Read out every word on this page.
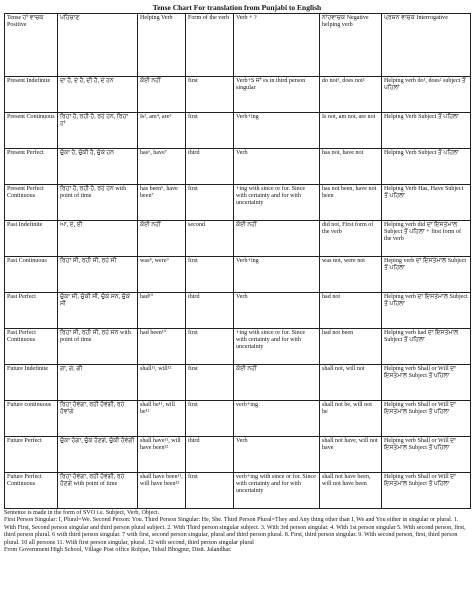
Tense Chart For translation from Punjabi to English
Tense ਹਾਂ ਵਾਚਕ Positive	ਪਹਿਚਾਣ	Helping Verb	Form of the verb	Verb + ?	ਨਾਂਹਵਾਚਕ Negative helping verb	ਪ੍ਰਸ਼ਨ ਵਾਚਕ Interrogative
Present Indefinite	ਦਾ ਹੈ, ਦੇ ਹੈ, ਦੀ ਹੈ, ਦੇ ਹਨ	ਕੋਈ ਨਹੀਂ	first	Verb+S ਜਾਂ es in third person singular	do not¹, does not²	Helping verb do¹, does² subject ਤੋਂ ਪਹਿਲਾਂ
Present Continuous	ਰਿਹਾ ਹੈ, ਰਹੀ ਹੈ, ਰਹੇ ਹਨ, ਰਿਹਾ ਹਾਂ	Is³, am⁴, are⁵	first	Verb+ing	Is not, am not, are not	Helping Verb Subject ਤੋਂ ਪਹਿਲਾ
Present Perfect	ਚੁੱਕਾ ਹੈ, ਚੁੱਕੀ ਹੈ, ਚੁੱਕੇ ਹਨ	has⁶, have⁷	third	Verb	has not, have not	Helping Verb Subject ਤੋਂ ਪਹਿਲਾ
Present Perfect Continuous	ਰਿਹਾ ਹੈ, ਰਹੀ ਹੈ, ਰਹੇ ਹਨ with point of time	has been⁶, have been⁷	first	+ing with since or for. Since with certainty and for with uncertainty	has not been, have not been	Helping Verb Has, Have Subject ਤੋਂ ਪਹਿਲਾ
Past Indefinite	ਆ, ਏ, ਈ	ਕੋਈ ਨਹੀਂ	second	ਕੋਈ ਨਹੀਂ	did not, First form of the verb	Helping verb did ਦਾ ਇਸਤੇਮਾਲ Subject ਤੋਂ ਪਹਿਲਾ + first form of the verb
Past Continuous	ਰਿਹਾ ਸੀ, ਰਹੀ ਸੀ, ਰਹੇ ਸੀ	was⁸, were⁹	first	Verb+ing	was not, were not	Heping verb ਦਾ ਇਸਤੇਮਾਲ Subject ਤੋਂ ਪਹਿਲਾ
Past Perfect	ਚੁੱਕਾ ਸੀ, ਚੁੱਕੀ ਸੀ, ਚੁੱਕੇ ਸਨ, ਚੁੱਕੇ ਸੀ	had¹⁰	third	Verb	had not	Helping verb ਦਾ ਇਸਤੇਮਾਲ Subject ਤੋਂ ਪਹਿਲਾ
Past Perfect Continuous	ਰਿਹਾ ਸੀ, ਰਹੀ ਸੀ, ਰਹੇ ਸਨ with point of time	had been¹⁰	first	+ing with since or for. Since with certainty and for with uncertainty	had not been	Helping verb had ਦਾ ਇਸਤੇਮਾਲ Subject ਤੋਂ ਪਹਿਲਾ
Future Indefinite	ਗਾ, ਗੇ, ਗੀ	shall¹¹, will¹²	first	ਕੋਈ ਨਹੀਂ	shall not, will not	Helping verb Shall or Will ਦਾ ਇਸਤੇਮਾਲ Subject ਤੋਂ ਪਹਿਲਾ
Future continuous	ਰਿਹਾ ਹੋਵੇਗਾ, ਰਹੀ ਹੋਵੇਗੀ, ਰਹੇ ਹੋਵਾਂਗੇ	shall be¹¹, will be¹²	first	verb+ing	shall not be, will not be	Helping verb Shall or Will ਦਾ ਇਸਤੇਮਾਲ Subject ਤੋਂ ਪਹਿਲਾ
Future Perfect	ਚੁੱਕਾ ਹੋਗਾ, ਚੁੱਕੇ ਹੋਣਗੇ, ਚੁੱਕੀ ਹੋਵੇਗੀ	shall have¹¹, will have been¹²	third	Verb	shall not have, will not have	Helping verb Shall or Will ਦਾ ਇਸਤੇਮਾਲ Subject ਤੋਂ ਪਹਿਲਾ
Future Perfect Continuous	ਰਿਹਾ ਹੋਵੇਗਾ, ਰਹੀ ਹੋਵੇਗੀ, ਰਹੇ ਹੋਣਗੇ with point of time	shall have been¹¹, will have been¹²	first	verb+ing with since or for. Since with certainty and for with uncertainty	shall not have been, will not have been	Helping verb Shall or Will ਦਾ ਇਸਤੇਮਾਲ Subject ਤੋਂ ਪਹਿਲਾ
Sentence is made in the form of SVO i.e. Subject, Verb, Object.
First Person Singular: I, Plural=We. Second Person: You. Third Person Singular: He, She. Third Person Plural=They and Any thing other than I, We and You either in singular or plural. 1. With First, Second person singular and third person plural subject. 2. With Third person singular subject. 3. With 3rd person singular. 4. With 1st person singular 5. With second person, first, third person plural. 6 with third person singular. 7 with first, second person singular, plural and third person plural. 8. First, third person singular. 9. With second person, first, third person plural. 10 all persons 11. With first person singular, plural. 12 with second, third person singular plural
From Government High School, Village Post office Rohjan, Tehsil Bhogpur, Distt. Jalandhar.
